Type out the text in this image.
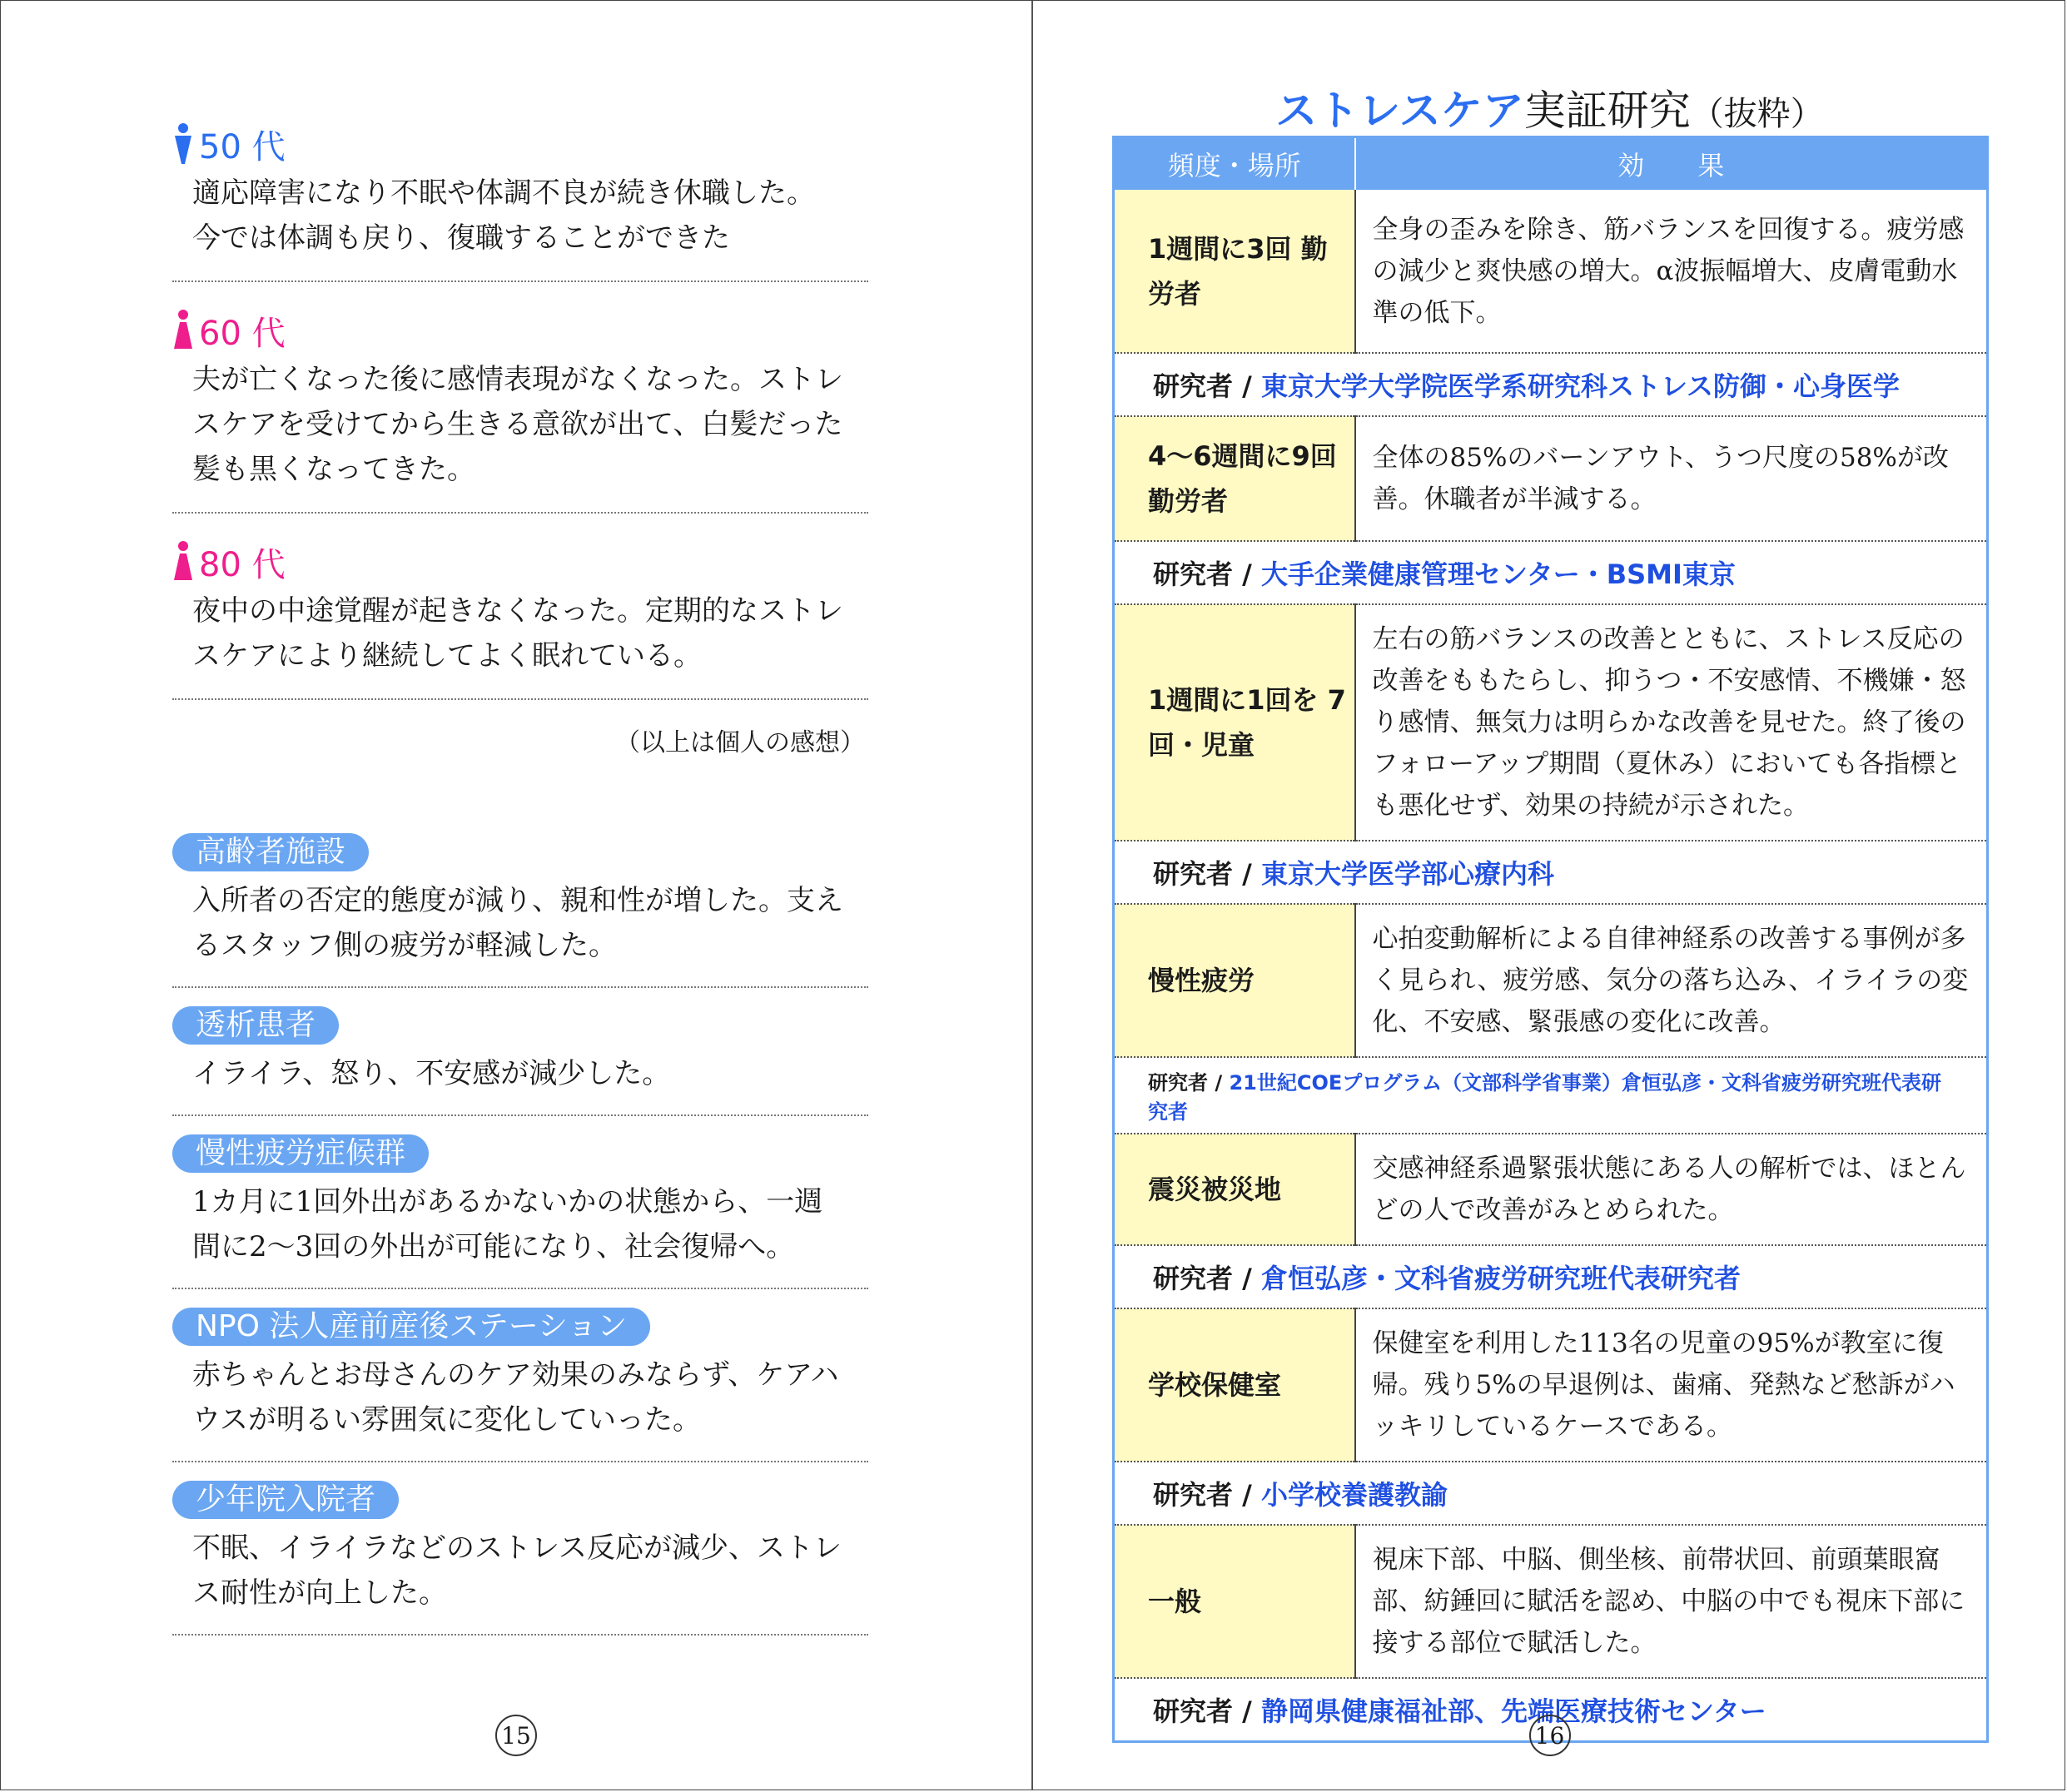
50 代
適応障害になり不眠や体調不良が続き休職した。今では体調も戻り、復職することができた
60 代
夫が亡くなった後に感情表現がなくなった。ストレスケアを受けてから生きる意欲が出て、白髪だった髪も黒くなってきた。
80 代
夜中の中途覚醒が起きなくなった。定期的なストレスケアにより継続してよく眠れている。
（以上は個人の感想）
高齢者施設
入所者の否定的態度が減り、親和性が増した。支えるスタッフ側の疲労が軽減した。
透析患者
イライラ、怒り、不安感が減少した。
慢性疲労症候群
1カ月に1回外出があるかないかの状態から、一週間に2〜3回の外出が可能になり、社会復帰へ。
NPO 法人産前産後ステーション
赤ちゃんとお母さんのケア効果のみならず、ケアハウスが明るい雰囲気に変化していった。
少年院入院者
不眠、イライラなどのストレス反応が減少、ストレス耐性が向上した。
15
ストレスケア実証研究（抜粋）
頻度・場所	効　　果
1週間に3回 勤労者	全身の歪みを除き、筋バランスを回復する。疲労感の減少と爽快感の増大。α波振幅増大、皮膚電動水準の低下。
研究者 / 東京大学大学院医学系研究科ストレス防御・心身医学	
4〜6週間に9回 勤労者	全体の85%のバーンアウト、うつ尺度の58%が改善。休職者が半減する。
研究者 / 大手企業健康管理センター・BSMI東京	
1週間に1回を 7回・児童	左右の筋バランスの改善とともに、ストレス反応の改善をももたらし、抑うつ・不安感情、不機嫌・怒り感情、無気力は明らかな改善を見せた。終了後のフォローアップ期間（夏休み）においても各指標とも悪化せず、効果の持続が示された。
研究者 / 東京大学医学部心療内科	
慢性疲労	心拍変動解析による自律神経系の改善する事例が多く見られ、疲労感、気分の落ち込み、イライラの変化、不安感、緊張感の変化に改善。
研究者 / 21世紀COEプログラム（文部科学省事業）倉恒弘彦・文科省疲労研究班代表研究者	
震災被災地	交感神経系過緊張状態にある人の解析では、ほとんどの人で改善がみとめられた。
研究者 / 倉恒弘彦・文科省疲労研究班代表研究者	
学校保健室	保健室を利用した113名の児童の95%が教室に復帰。残り5%の早退例は、歯痛、発熱など愁訴がハッキリしているケースである。
研究者 / 小学校養護教諭	
一般	視床下部、中脳、側坐核、前帯状回、前頭葉眼窩部、紡錘回に賦活を認め、中脳の中でも視床下部に接する部位で賦活した。
研究者 / 静岡県健康福祉部、先端医療技術センター	
16
